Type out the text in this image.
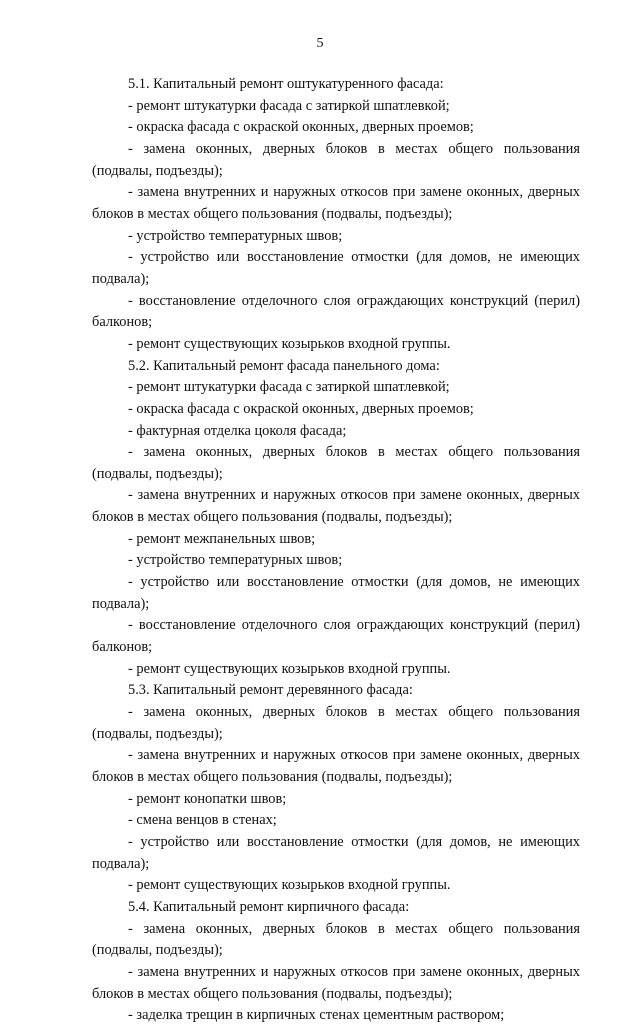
5

5.1. Капитальный ремонт оштукатуренного фасада:

- ремонт штукатурки фасада с затиркой шпатлевкой;

- окраска фасада с окраской оконных, дверных проемов;

- замена оконных, дверных блоков в местах общего пользования (подвалы, подъезды);

- замена внутренних и наружных откосов при замене оконных, дверных блоков в местах общего пользования (подвалы, подъезды);

- устройство температурных швов;

- устройство или восстановление отмостки (для домов, не имеющих подвала);

- восстановление отделочного слоя ограждающих конструкций (перил) балконов;

- ремонт существующих козырьков входной группы.

5.2. Капитальный ремонт фасада панельного дома:

- ремонт штукатурки фасада с затиркой шпатлевкой;

- окраска фасада с окраской оконных, дверных проемов;

- фактурная отделка цоколя фасада;

- замена оконных, дверных блоков в местах общего пользования (подвалы, подъезды);

- замена внутренних и наружных откосов при замене оконных, дверных блоков в местах общего пользования (подвалы, подъезды);

- ремонт межпанельных швов;

- устройство температурных швов;

- устройство или восстановление отмостки (для домов, не имеющих подвала);

- восстановление отделочного слоя ограждающих конструкций (перил) балконов;

- ремонт существующих козырьков входной группы.

5.3. Капитальный ремонт деревянного фасада:

- замена оконных, дверных блоков в местах общего пользования (подвалы, подъезды);

- замена внутренних и наружных откосов при замене оконных, дверных блоков в местах общего пользования (подвалы, подъезды);

- ремонт конопатки швов;

- смена венцов в стенах;

- устройство или восстановление отмостки (для домов, не имеющих подвала);

- ремонт существующих козырьков входной группы.

5.4. Капитальный ремонт кирпичного фасада:

- замена оконных, дверных блоков в местах общего пользования (подвалы, подъезды);

- замена внутренних и наружных откосов при замене оконных, дверных блоков в местах общего пользования (подвалы, подъезды);

- заделка трещин в кирпичных стенах цементным раствором;
